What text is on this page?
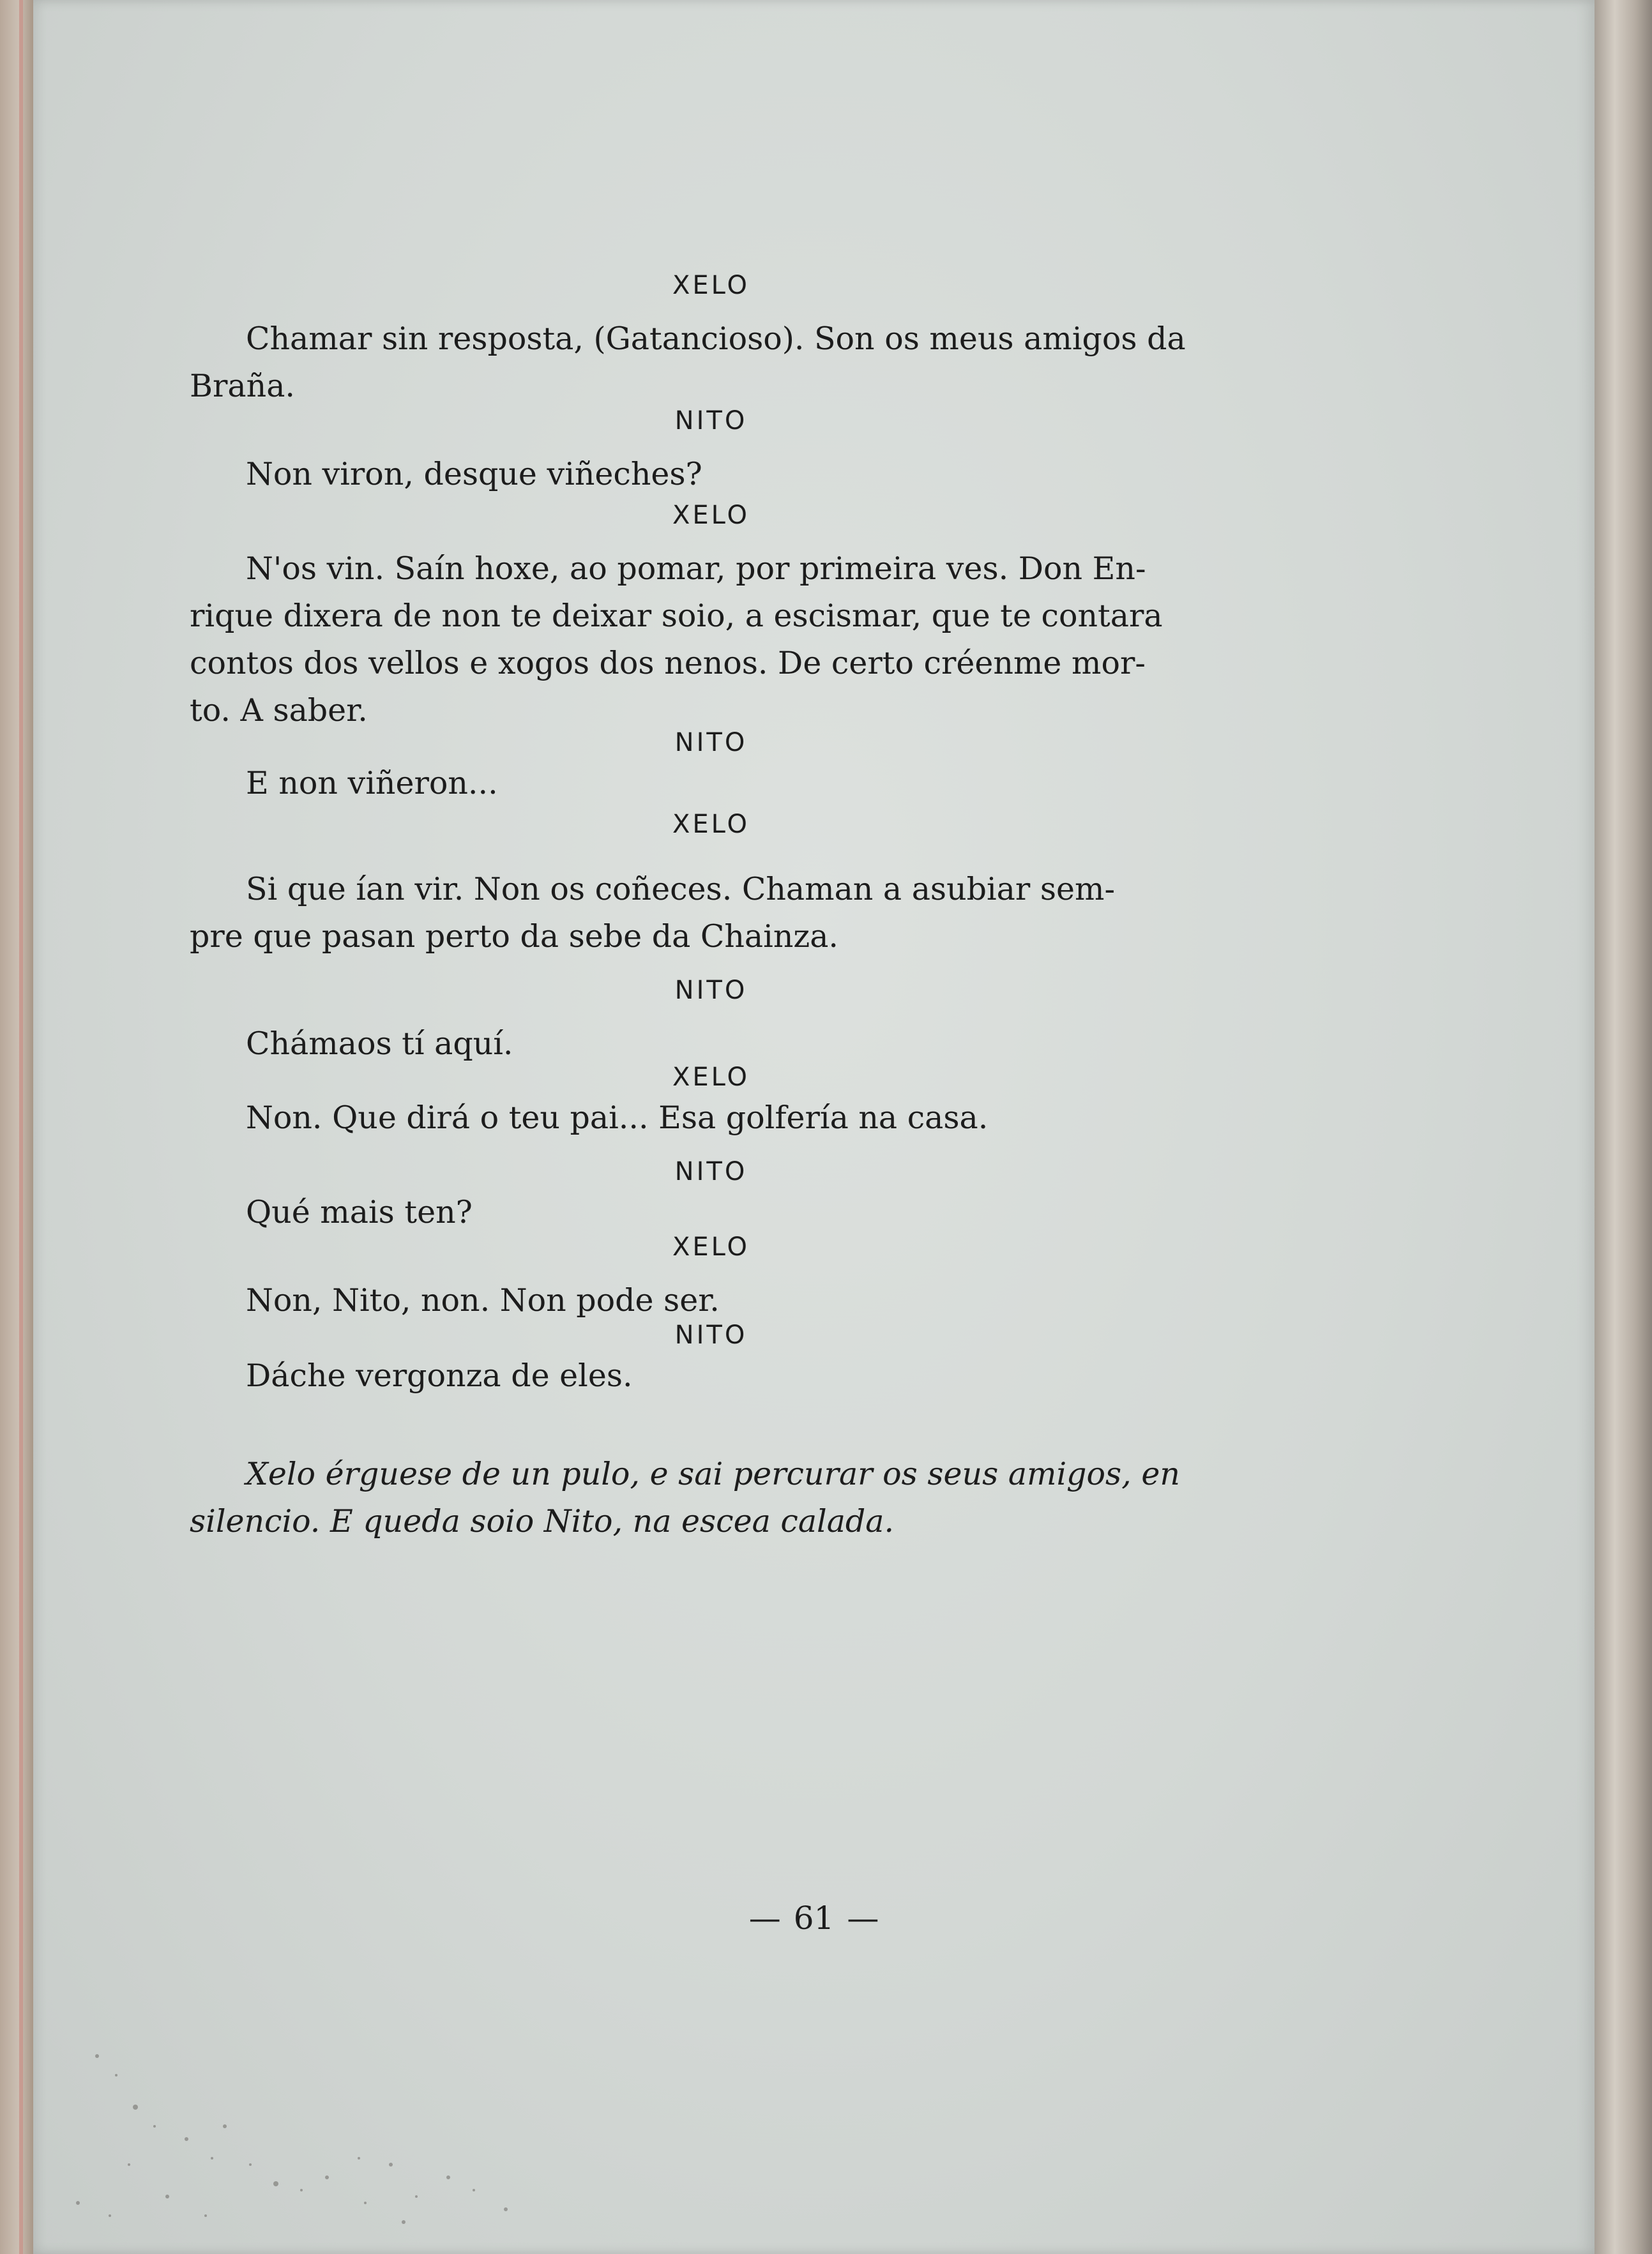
XELO

Chamar sin resposta, (Gatancioso). Son os meus amigos da

Braña.

NITO

Non viron, desque viñeches?

XELO

N'os vin. Saín hoxe, ao pomar, por primeira ves. Don En-

rique dixera de non te deixar soio, a escismar, que te contara

contos dos vellos e xogos dos nenos. De certo créenme mor-

to. A saber.

NITO

E non viñeron...

XELO

Si que ían vir. Non os coñeces. Chaman a asubiar sem-

pre que pasan perto da sebe da Chainza.

NITO

Chámaos tí aquí.

XELO

Non. Que dirá o teu pai... Esa golfería na casa.

NITO

Qué mais ten?

XELO

Non, Nito, non. Non pode ser.

NITO

Dáche vergonza de eles.

Xelo érguese de un pulo, e sai percurar os seus amigos, en

silencio. E queda soio Nito, na escea calada.

— 61 —
